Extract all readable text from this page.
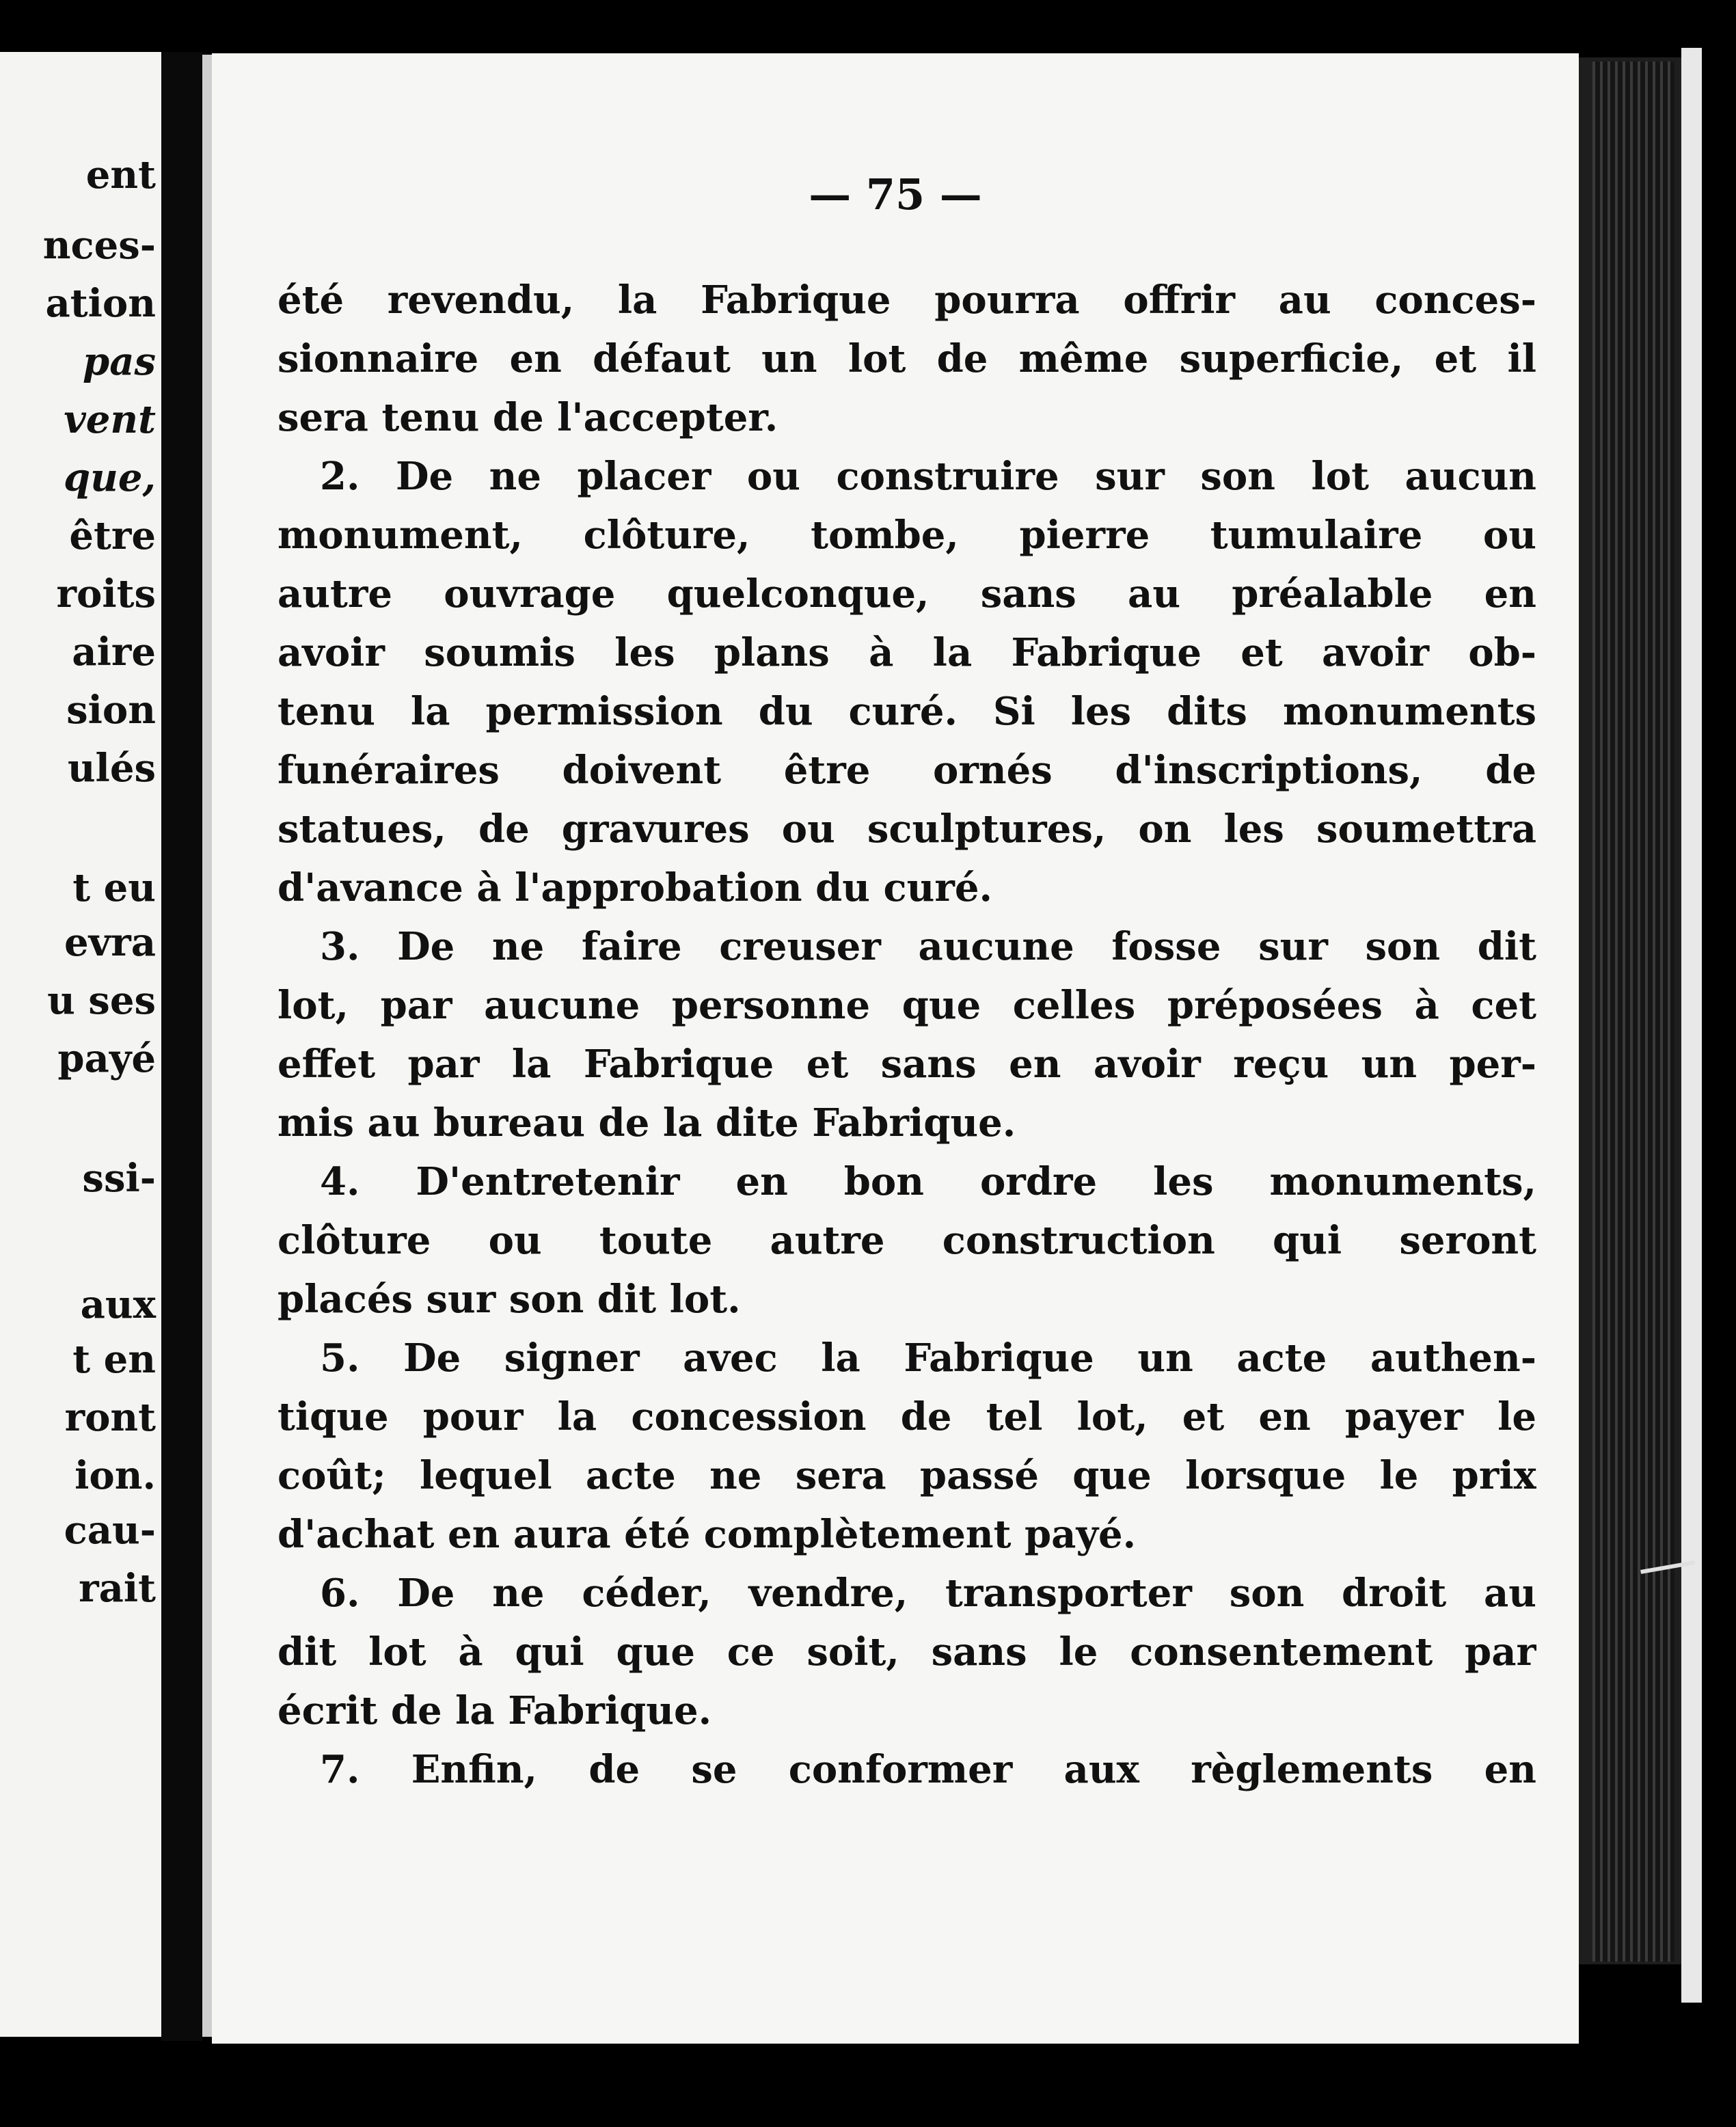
ent
nces-
ation
pas
vent
que,
être
roits
aire
sion
ulés
t eu
evra
u ses
payé
ssi-
aux
t en
ront
ion.
cau-
rait
— 75 —
été revendu, la Fabrique pourra offrir au conces-
sionnaire en défaut un lot de même superficie, et il
sera tenu de l'accepter.
2. De ne placer ou construire sur son lot aucun
monument, clôture, tombe, pierre tumulaire ou
autre ouvrage quelconque, sans au préalable en
avoir soumis les plans à la Fabrique et avoir ob-
tenu la permission du curé. Si les dits monuments
funéraires doivent être ornés d'inscriptions, de
statues, de gravures ou sculptures, on les soumettra
d'avance à l'approbation du curé.
3. De ne faire creuser aucune fosse sur son dit
lot, par aucune personne que celles préposées à cet
effet par la Fabrique et sans en avoir reçu un per-
mis au bureau de la dite Fabrique.
4. D'entretenir en bon ordre les monuments,
clôture ou toute autre construction qui seront
placés sur son dit lot.
5. De signer avec la Fabrique un acte authen-
tique pour la concession de tel lot, et en payer le
coût; lequel acte ne sera passé que lorsque le prix
d'achat en aura été complètement payé.
6. De ne céder, vendre, transporter son droit au
dit lot à qui que ce soit, sans le consentement par
écrit de la Fabrique.
7. Enfin, de se conformer aux règlements en
